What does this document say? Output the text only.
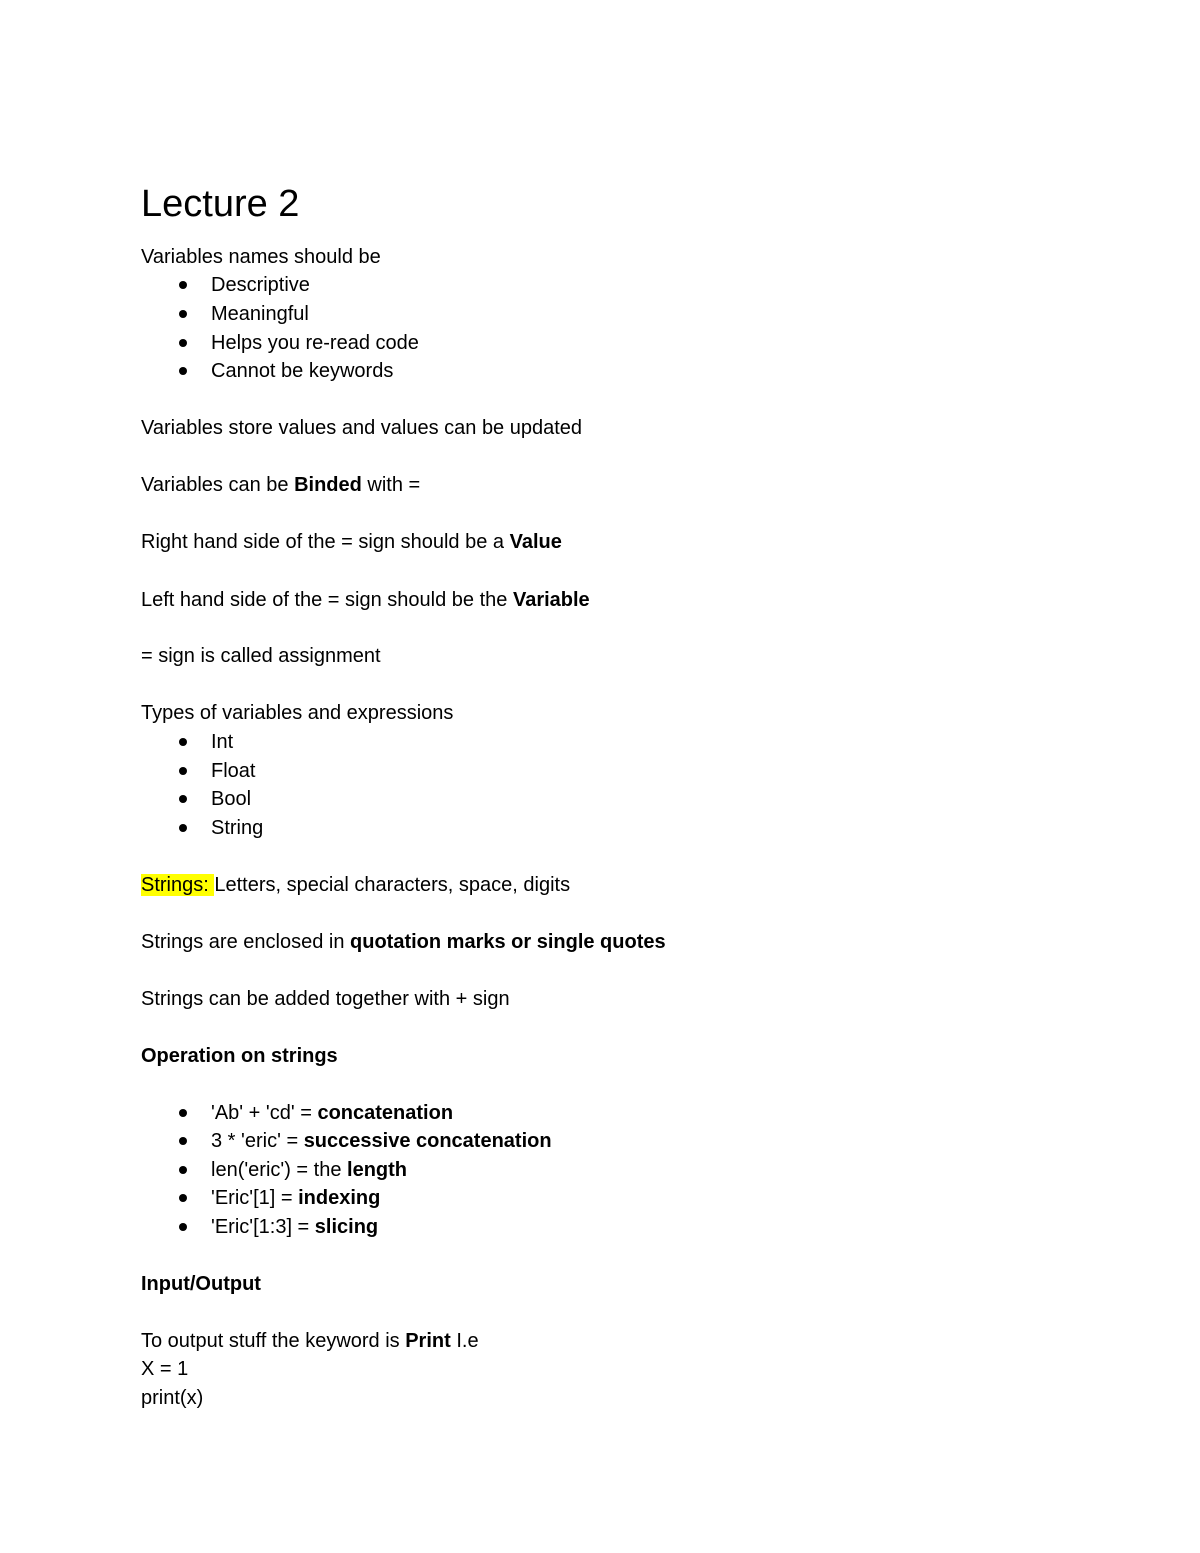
Lecture 2
Variables names should be
Descriptive
Meaningful
Helps you re-read code
Cannot be keywords
Variables store values and values can be updated
Variables can be Binded with =
Right hand side of the = sign should be a Value
Left hand side of the = sign should be the Variable
= sign is called assignment
Types of variables and expressions
Int
Float
Bool
String
Strings: Letters, special characters, space, digits
Strings are enclosed in quotation marks or single quotes
Strings can be added together with + sign
Operation on strings
'Ab' + 'cd' = concatenation
3 * 'eric' = successive concatenation
len('eric') = the length
'Eric'[1] = indexing
'Eric'[1:3] = slicing
Input/Output
To output stuff the keyword is Print I.e
X = 1
print(x)
